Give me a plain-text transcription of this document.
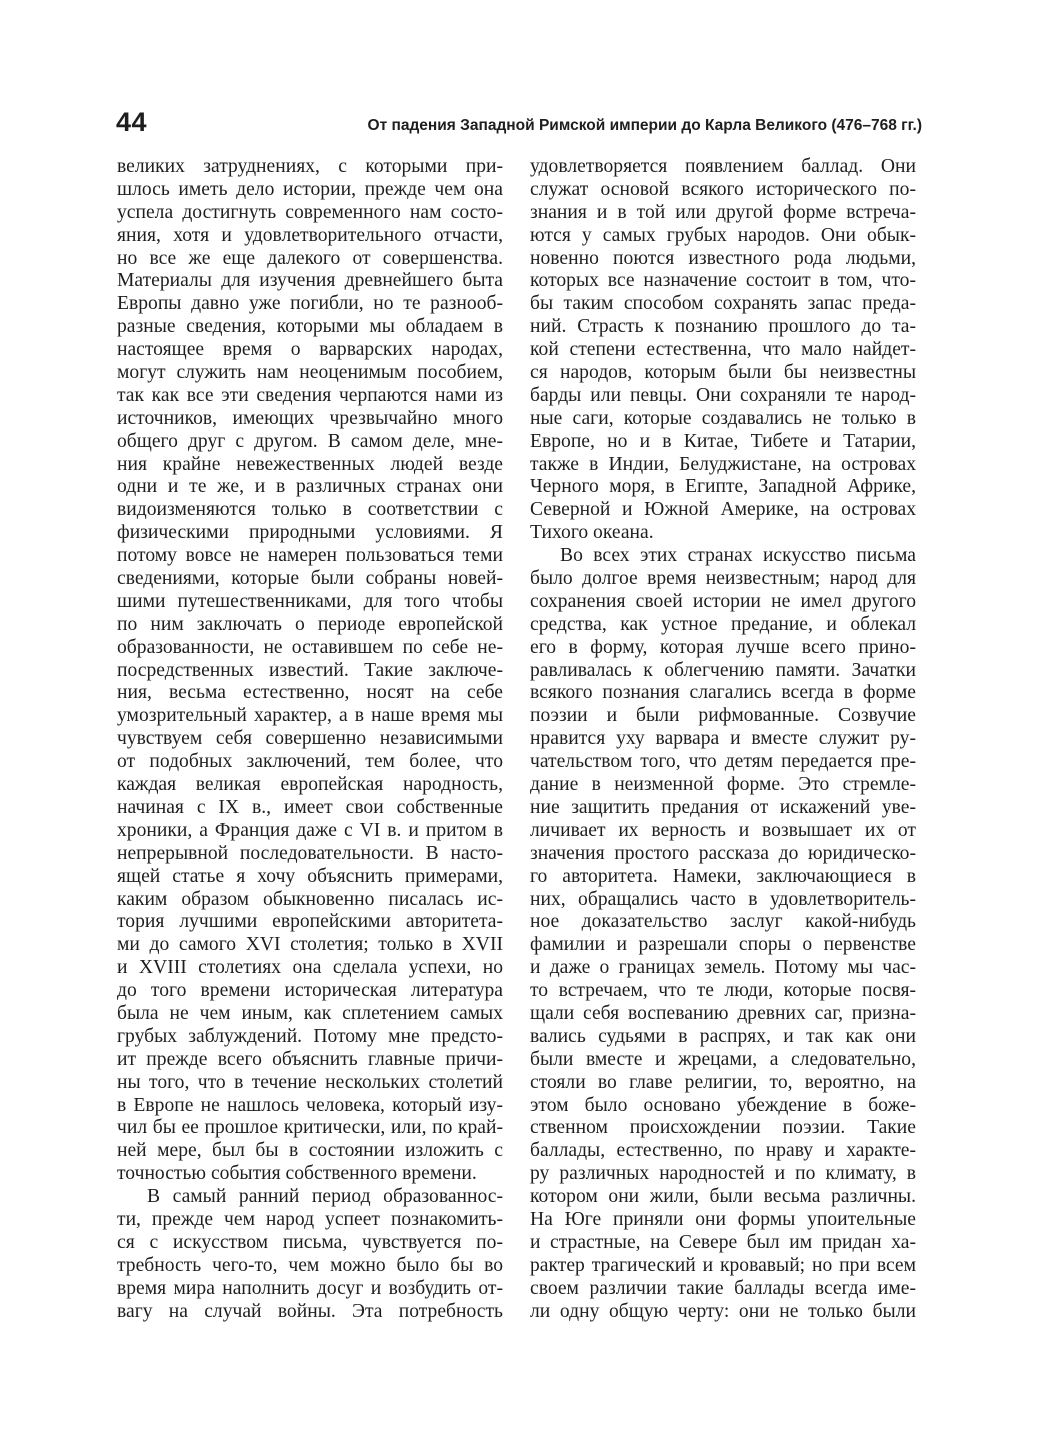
44	От падения Западной Римской империи до Карла Великого (476–768 гг.)
великих затруднениях, с которыми при-
шлось иметь дело истории, прежде чем она
успела достигнуть современного нам состо-
яния, хотя и удовлетворительного отчасти,
но все же еще далекого от совершенства.
Материалы для изучения древнейшего быта
Европы давно уже погибли, но те разнооб-
разные сведения, которыми мы обладаем в
настоящее время о варварских народах,
могут служить нам неоценимым пособием,
так как все эти сведения черпаются нами из
источников, имеющих чрезвычайно много
общего друг с другом. В самом деле, мне-
ния крайне невежественных людей везде
одни и те же, и в различных странах они
видоизменяются только в соответствии с
физическими природными условиями. Я
потому вовсе не намерен пользоваться теми
сведениями, которые были собраны новей-
шими путешественниками, для того чтобы
по ним заключать о периоде европейской
образованности, не оставившем по себе не-
посредственных известий. Такие заключе-
ния, весьма естественно, носят на себе
умозрительный характер, а в наше время мы
чувствуем себя совершенно независимыми
от подобных заключений, тем более, что
каждая великая европейская народность,
начиная с IX в., имеет свои собственные
хроники, а Франция даже с VI в. и притом в
непрерывной последовательности. В насто-
ящей статье я хочу объяснить примерами,
каким образом обыкновенно писалась ис-
тория лучшими европейскими авторитета-
ми до самого XVI столетия; только в XVII
и XVIII столетиях она сделала успехи, но
до того времени историческая литература
была не чем иным, как сплетением самых
грубых заблуждений. Потому мне предсто-
ит прежде всего объяснить главные причи-
ны того, что в течение нескольких столетий
в Европе не нашлось человека, который изу-
чил бы ее прошлое критически, или, по край-
ней мере, был бы в состоянии изложить с
точностью события собственного времени.
В самый ранний период образованнос-
ти, прежде чем народ успеет познакомить-
ся с искусством письма, чувствуется по-
требность чего-то, чем можно было бы во
время мира наполнить досуг и возбудить от-
вагу на случай войны. Эта потребность
удовлетворяется появлением баллад. Они
служат основой всякого исторического по-
знания и в той или другой форме встреча-
ются у самых грубых народов. Они обык-
новенно поются известного рода людьми,
которых все назначение состоит в том, что-
бы таким способом сохранять запас преда-
ний. Страсть к познанию прошлого до та-
кой степени естественна, что мало найдет-
ся народов, которым были бы неизвестны
барды или певцы. Они сохраняли те народ-
ные саги, которые создавались не только в
Европе, но и в Китае, Тибете и Татарии,
также в Индии, Белуджистане, на островах
Черного моря, в Египте, Западной Африке,
Северной и Южной Америке, на островах
Тихого океана.
Во всех этих странах искусство письма
было долгое время неизвестным; народ для
сохранения своей истории не имел другого
средства, как устное предание, и облекал
его в форму, которая лучше всего прино-
равливалась к облегчению памяти. Зачатки
всякого познания слагались всегда в форме
поэзии и были рифмованные. Созвучие
нравится уху варвара и вместе служит ру-
чательством того, что детям передается пре-
дание в неизменной форме. Это стремле-
ние защитить предания от искажений уве-
личивает их верность и возвышает их от
значения простого рассказа до юридическо-
го авторитета. Намеки, заключающиеся в
них, обращались часто в удовлетворитель-
ное доказательство заслуг какой-нибудь
фамилии и разрешали споры о первенстве
и даже о границах земель. Потому мы час-
то встречаем, что те люди, которые посвя-
щали себя воспеванию древних саг, призна-
вались судьями в распрях, и так как они
были вместе и жрецами, а следовательно,
стояли во главе религии, то, вероятно, на
этом было основано убеждение в боже-
ственном происхождении поэзии. Такие
баллады, естественно, по нраву и характе-
ру различных народностей и по климату, в
котором они жили, были весьма различны.
На Юге приняли они формы упоительные
и страстные, на Севере был им придан ха-
рактер трагический и кровавый; но при всем
своем различии такие баллады всегда име-
ли одну общую черту: они не только были
